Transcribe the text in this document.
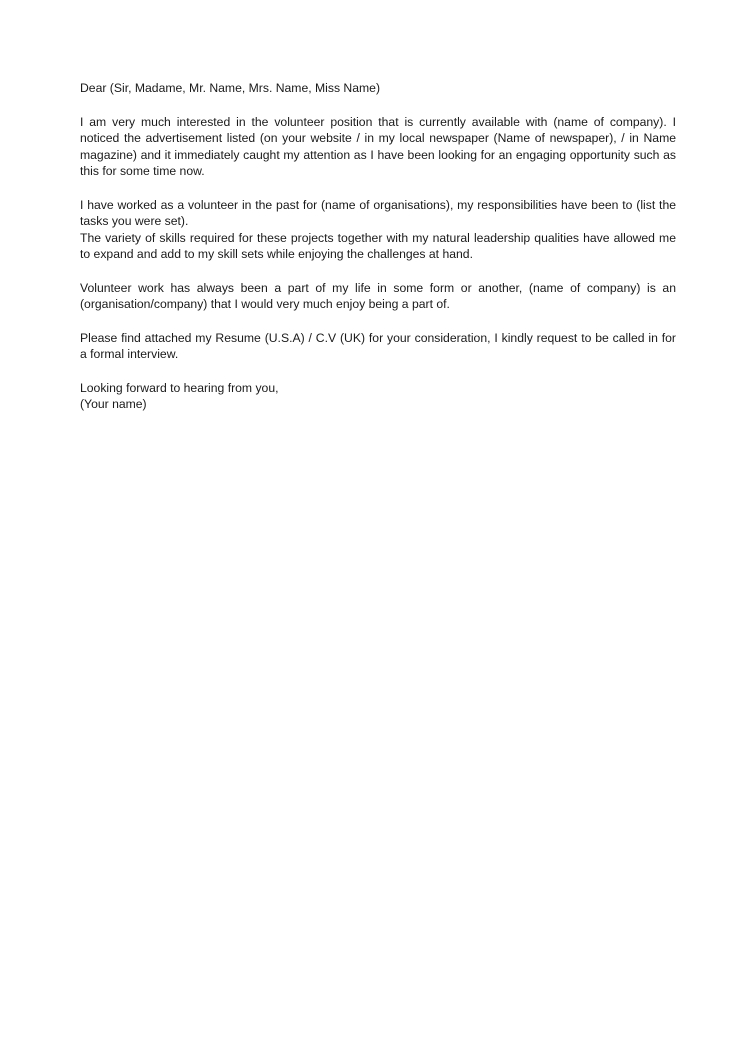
Dear (Sir, Madame, Mr. Name, Mrs. Name, Miss Name)

I am very much interested in the volunteer position that is currently available with (name of company). I noticed the advertisement listed (on your website / in my local newspaper (Name of newspaper), / in Name magazine) and it immediately caught my attention as I have been looking for an engaging opportunity such as this for some time now.

I have worked as a volunteer in the past for (name of organisations), my responsibilities have been to (list the tasks you were set).

The variety of skills required for these projects together with my natural leadership qualities have allowed me to expand and add to my skill sets while enjoying the challenges at hand.

Volunteer work has always been a part of my life in some form or another, (name of company) is an (organisation/company) that I would very much enjoy being a part of.

Please find attached my Resume (U.S.A) / C.V (UK) for your consideration, I kindly request to be called in for a formal interview.

Looking forward to hearing from you,

(Your name)
